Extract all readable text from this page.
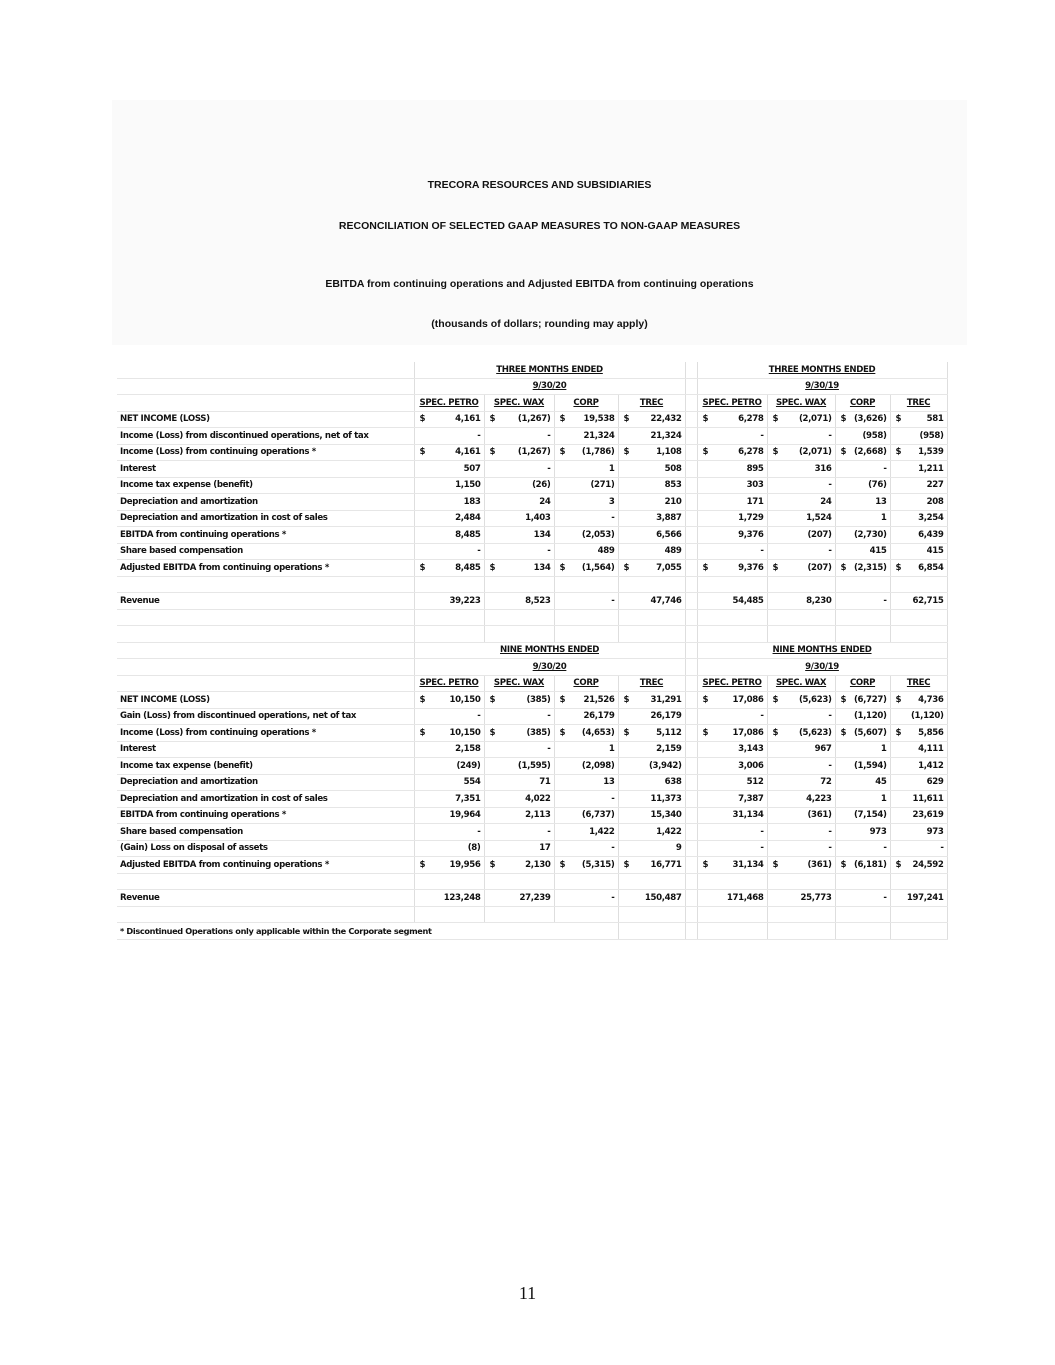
TRECORA RESOURCES AND SUBSIDIARIES
RECONCILIATION OF SELECTED GAAP MEASURES TO NON-GAAP MEASURES
EBITDA from continuing operations and Adjusted EBITDA from continuing operations
(thousands of dollars; rounding may apply)
	THREE MONTHS ENDED					THREE MONTHS ENDED			
	9/30/20					9/30/19			
	SPEC. PETRO	SPEC. WAX	CORP	TREC		SPEC. PETRO	SPEC. WAX	CORP	TREC
NET INCOME (LOSS)	$ 4,161	$ (1,267)	$ 19,538	$ 22,432		$ 6,278	$ (2,071)	$ (3,626)	$ 581
Income (Loss) from discontinued operations, net of tax	-	-	21,324	21,324		-	-	(958)	(958)
Income (Loss) from continuing operations *	$ 4,161	$ (1,267)	$ (1,786)	$ 1,108		$ 6,278	$ (2,071)	$ (2,668)	$ 1,539
Interest	507	-	1	508		895	316	-	1,211
Income tax expense (benefit)	1,150	(26)	(271)	853		303	-	(76)	227
Depreciation and amortization	183	24	3	210		171	24	13	208
Depreciation and amortization in cost of sales	2,484	1,403	-	3,887		1,729	1,524	1	3,254
EBITDA from continuing operations *	8,485	134	(2,053)	6,566		9,376	(207)	(2,730)	6,439
Share based compensation	-	-	489	489		-	-	415	415
Adjusted EBITDA from continuing operations *	$ 8,485	$ 134	$ (1,564)	$ 7,055		$ 9,376	$ (207)	$ (2,315)	$ 6,854

Revenue	39,223	8,523	-	47,746		54,485	8,230	-	62,715

	NINE MONTHS ENDED					NINE MONTHS ENDED			
	9/30/20					9/30/19			
	SPEC. PETRO	SPEC. WAX	CORP	TREC		SPEC. PETRO	SPEC. WAX	CORP	TREC
NET INCOME (LOSS)	$ 10,150	$ (385)	$ 21,526	$ 31,291		$ 17,086	$ (5,623)	$ (6,727)	$ 4,736
Gain (Loss) from discontinued operations, net of tax	-	-	26,179	26,179		-	-	(1,120)	(1,120)
Income (Loss) from continuing operations *	$ 10,150	$ (385)	$ (4,653)	$ 5,112		$ 17,086	$ (5,623)	$ (5,607)	$ 5,856
Interest	2,158	-	1	2,159		3,143	967	1	4,111
Income tax expense (benefit)	(249)	(1,595)	(2,098)	(3,942)		3,006	-	(1,594)	1,412
Depreciation and amortization	554	71	13	638		512	72	45	629
Depreciation and amortization in cost of sales	7,351	4,022	-	11,373		7,387	4,223	1	11,611
EBITDA from continuing operations *	19,964	2,113	(6,737)	15,340		31,134	(361)	(7,154)	23,619
Share based compensation	-	-	1,422	1,422		-	-	973	973
(Gain) Loss on disposal of assets	(8)	17	-	9		-	-	-	-
Adjusted EBITDA from continuing operations *	$ 19,956	$ 2,130	$ (5,315)	$ 16,771		$ 31,134	$ (361)	$ (6,181)	$ 24,592

Revenue	123,248	27,239	-	150,487		171,468	25,773	-	197,241

* Discontinued Operations only applicable within the Corporate segment									
11
